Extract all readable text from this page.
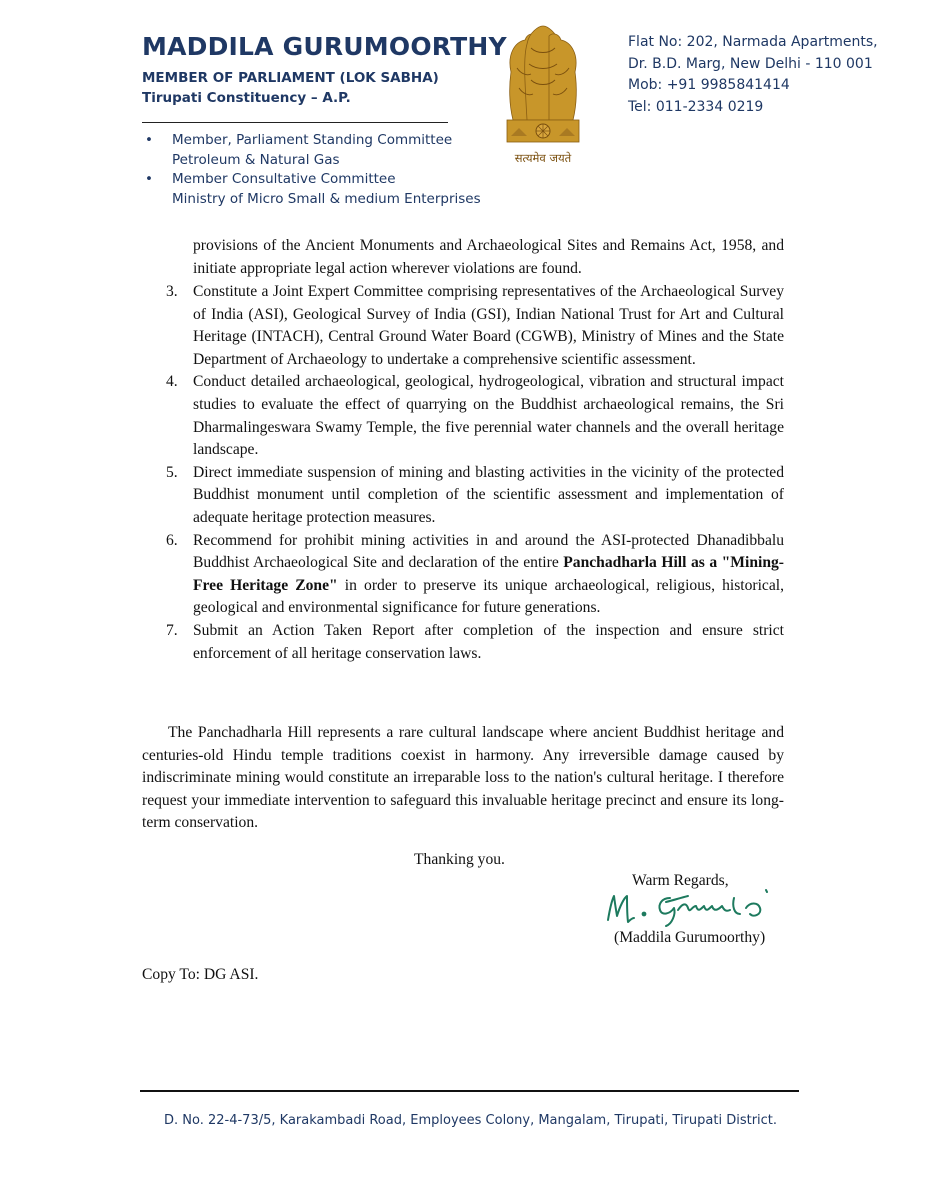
MADDILA GURUMOORTHY
MEMBER OF PARLIAMENT (LOK SABHA)
Tirupati Constituency – A.P.
• Member, Parliament Standing Committee
Petroleum & Natural Gas
• Member Consultative Committee
Ministry of Micro Small & medium Enterprises
सत्यमेव जयते
Flat No: 202, Narmada Apartments,
Dr. B.D. Marg, New Delhi - 110 001
Mob: +91 9985841414
Tel: 011-2334 0219
provisions of the Ancient Monuments and Archaeological Sites and Remains Act, 1958, and initiate appropriate legal action wherever violations are found.
3. Constitute a Joint Expert Committee comprising representatives of the Archaeological Survey of India (ASI), Geological Survey of India (GSI), Indian National Trust for Art and Cultural Heritage (INTACH), Central Ground Water Board (CGWB), Ministry of Mines and the State Department of Archaeology to undertake a comprehensive scientific assessment.
4. Conduct detailed archaeological, geological, hydrogeological, vibration and structural impact studies to evaluate the effect of quarrying on the Buddhist archaeological remains, the Sri Dharmalingeswara Swamy Temple, the five perennial water channels and the overall heritage landscape.
5. Direct immediate suspension of mining and blasting activities in the vicinity of the protected Buddhist monument until completion of the scientific assessment and implementation of adequate heritage protection measures.
6. Recommend for prohibit mining activities in and around the ASI-protected Dhanadibbalu Buddhist Archaeological Site and declaration of the entire Panchadharla Hill as a "Mining-Free Heritage Zone" in order to preserve its unique archaeological, religious, historical, geological and environmental significance for future generations.
7. Submit an Action Taken Report after completion of the inspection and ensure strict enforcement of all heritage conservation laws.
The Panchadharla Hill represents a rare cultural landscape where ancient Buddhist heritage and centuries-old Hindu temple traditions coexist in harmony. Any irreversible damage caused by indiscriminate mining would constitute an irreparable loss to the nation's cultural heritage. I therefore request your immediate intervention to safeguard this invaluable heritage precinct and ensure its long-term conservation.
Thanking you.
Warm Regards,
(Maddila Gurumoorthy)
Copy To: DG ASI.
D. No. 22-4-73/5, Karakambadi Road, Employees Colony, Mangalam, Tirupati, Tirupati District.
